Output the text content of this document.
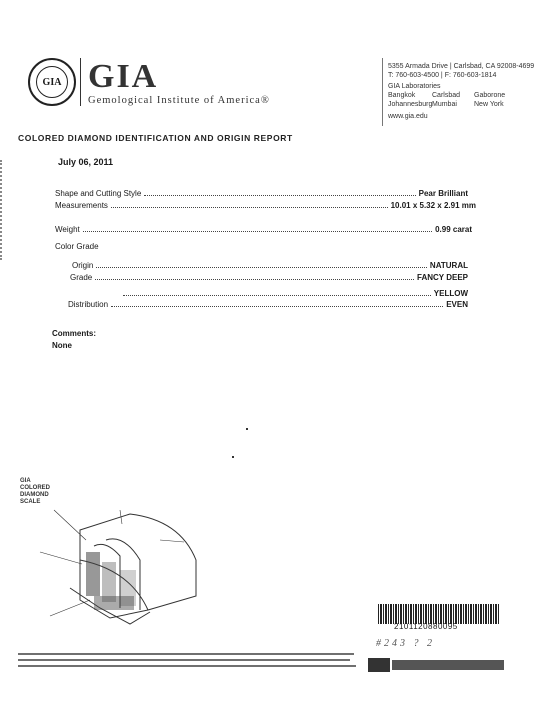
GIA GIA
Gemological Institute of America®
5355 Armada Drive | Carlsbad, CA 92008-4699
T: 760-603-4500 | F: 760-603-1814
GIA Laboratories
Bangkok	Carlsbad	Gaborone
Johannesburg Mumbai	New York
www.gia.edu
COLORED DIAMOND IDENTIFICATION AND ORIGIN REPORT
July 06, 2011
Shape and Cutting Style	Pear Brilliant
Measurements	10.01 x 5.32 x 2.91 mm
Weight	0.99 carat
Color Grade
Origin	NATURAL
Grade	FANCY DEEP
YELLOW
Distribution	EVEN
Comments:
None
GIA
COLORED
DIAMOND
SCALE
2101120880095
#243 ? 2
